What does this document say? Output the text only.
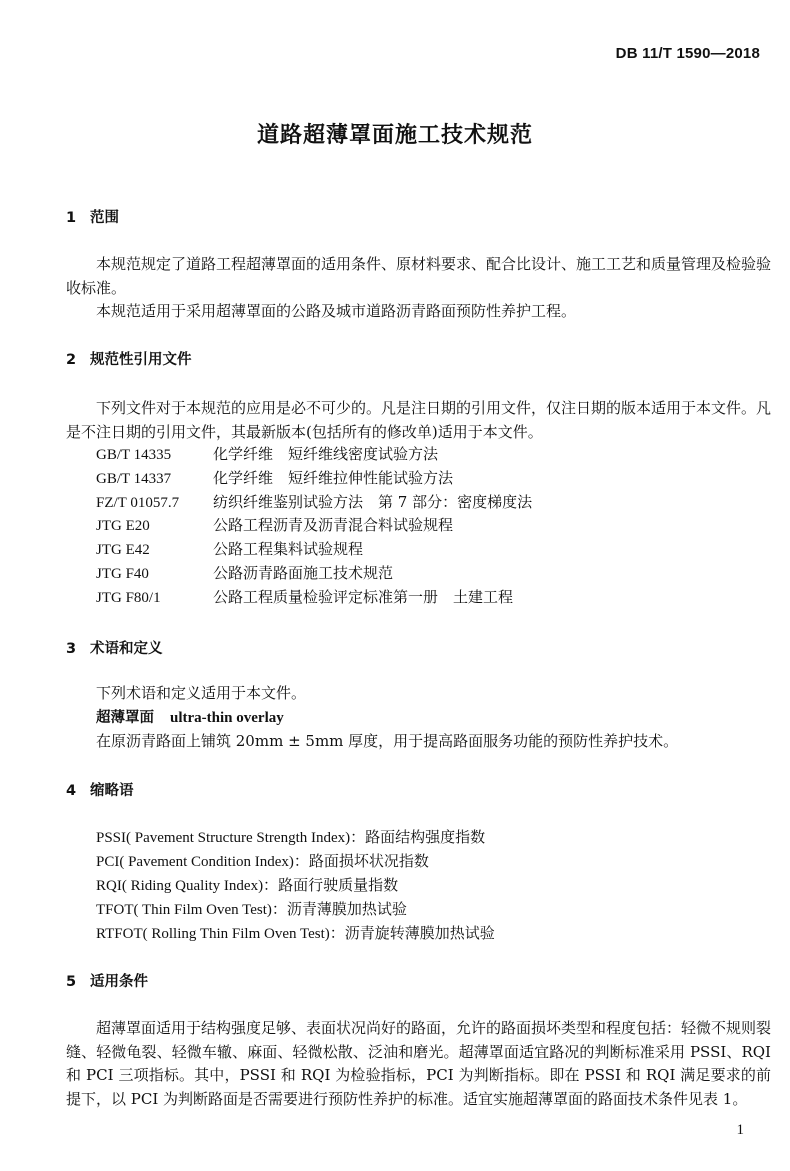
DB 11/T 1590—2018
道路超薄罩面施工技术规范
1 范围
本规范规定了道路工程超薄罩面的适用条件、原材料要求、配合比设计、施工工艺和质量管理及检验验收标准。
本规范适用于采用超薄罩面的公路及城市道路沥青路面预防性养护工程。
2 规范性引用文件
下列文件对于本规范的应用是必不可少的。凡是注日期的引用文件，仅注日期的版本适用于本文件。凡是不注日期的引用文件，其最新版本(包括所有的修改单)适用于本文件。
GB/T 14335	化学纤维　短纤维线密度试验方法
GB/T 14337	化学纤维　短纤维拉伸性能试验方法
FZ/T 01057.7 纺织纤维鉴别试验方法　第 7 部分：密度梯度法
JTG E20	公路工程沥青及沥青混合料试验规程
JTG E42	公路工程集料试验规程
JTG F40	公路沥青路面施工技术规范
JTG F80/1	公路工程质量检验评定标准第一册　土建工程
3 术语和定义
下列术语和定义适用于本文件。
超薄罩面 ultra-thin overlay
在原沥青路面上铺筑 20mm ± 5mm 厚度，用于提高路面服务功能的预防性养护技术。
4 缩略语
PSSI( Pavement Structure Strength Index)：路面结构强度指数
PCI( Pavement Condition Index)：路面损坏状况指数
RQI( Riding Quality Index)：路面行驶质量指数
TFOT( Thin Film Oven Test)：沥青薄膜加热试验
RTFOT( Rolling Thin Film Oven Test)：沥青旋转薄膜加热试验
5 适用条件
超薄罩面适用于结构强度足够、表面状况尚好的路面，允许的路面损坏类型和程度包括：轻微不规则裂缝、轻微龟裂、轻微车辙、麻面、轻微松散、泛油和磨光。超薄罩面适宜路况的判断标准采用 PSSI、RQI 和 PCI 三项指标。其中，PSSI 和 RQI 为检验指标，PCI 为判断指标。即在 PSSI 和 RQI 满足要求的前提下，以 PCI 为判断路面是否需要进行预防性养护的标准。适宜实施超薄罩面的路面技术条件见表 1。
1
